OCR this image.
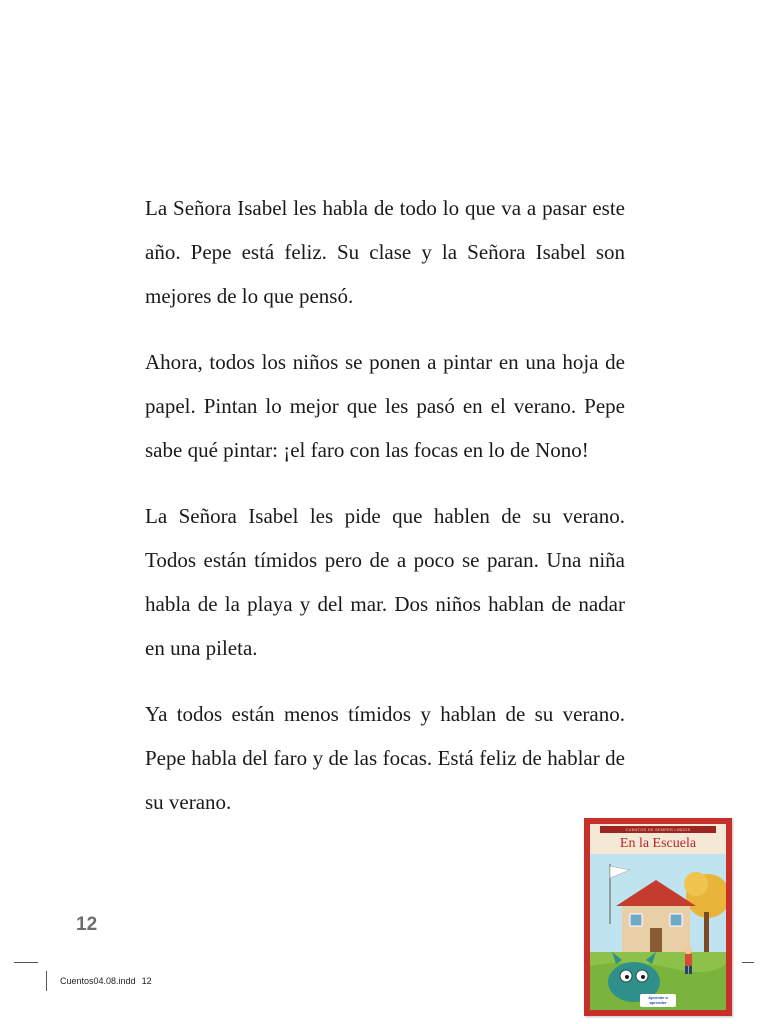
La Señora Isabel les habla de todo lo que va a pasar este año. Pepe está feliz. Su clase y la Señora Isabel son mejores de lo que pensó.

Ahora, todos los niños se ponen a pintar en una hoja de papel. Pintan lo mejor que les pasó en el verano. Pepe sabe qué pintar: ¡el faro con las focas en lo de Nono!

La Señora Isabel les pide que hablen de su verano. Todos están tímidos pero de a poco se paran. Una niña habla de la playa y del mar. Dos niños hablan de nadar en una pileta.

Ya todos están menos tímidos y hablan de su verano. Pepe habla del faro y de las focas. Está feliz de hablar de su verano.

12
Cuentos04.08.indd 12
CUENTOS DE SEMPER LINDOS
En la Escuela
Aprende a aprender
